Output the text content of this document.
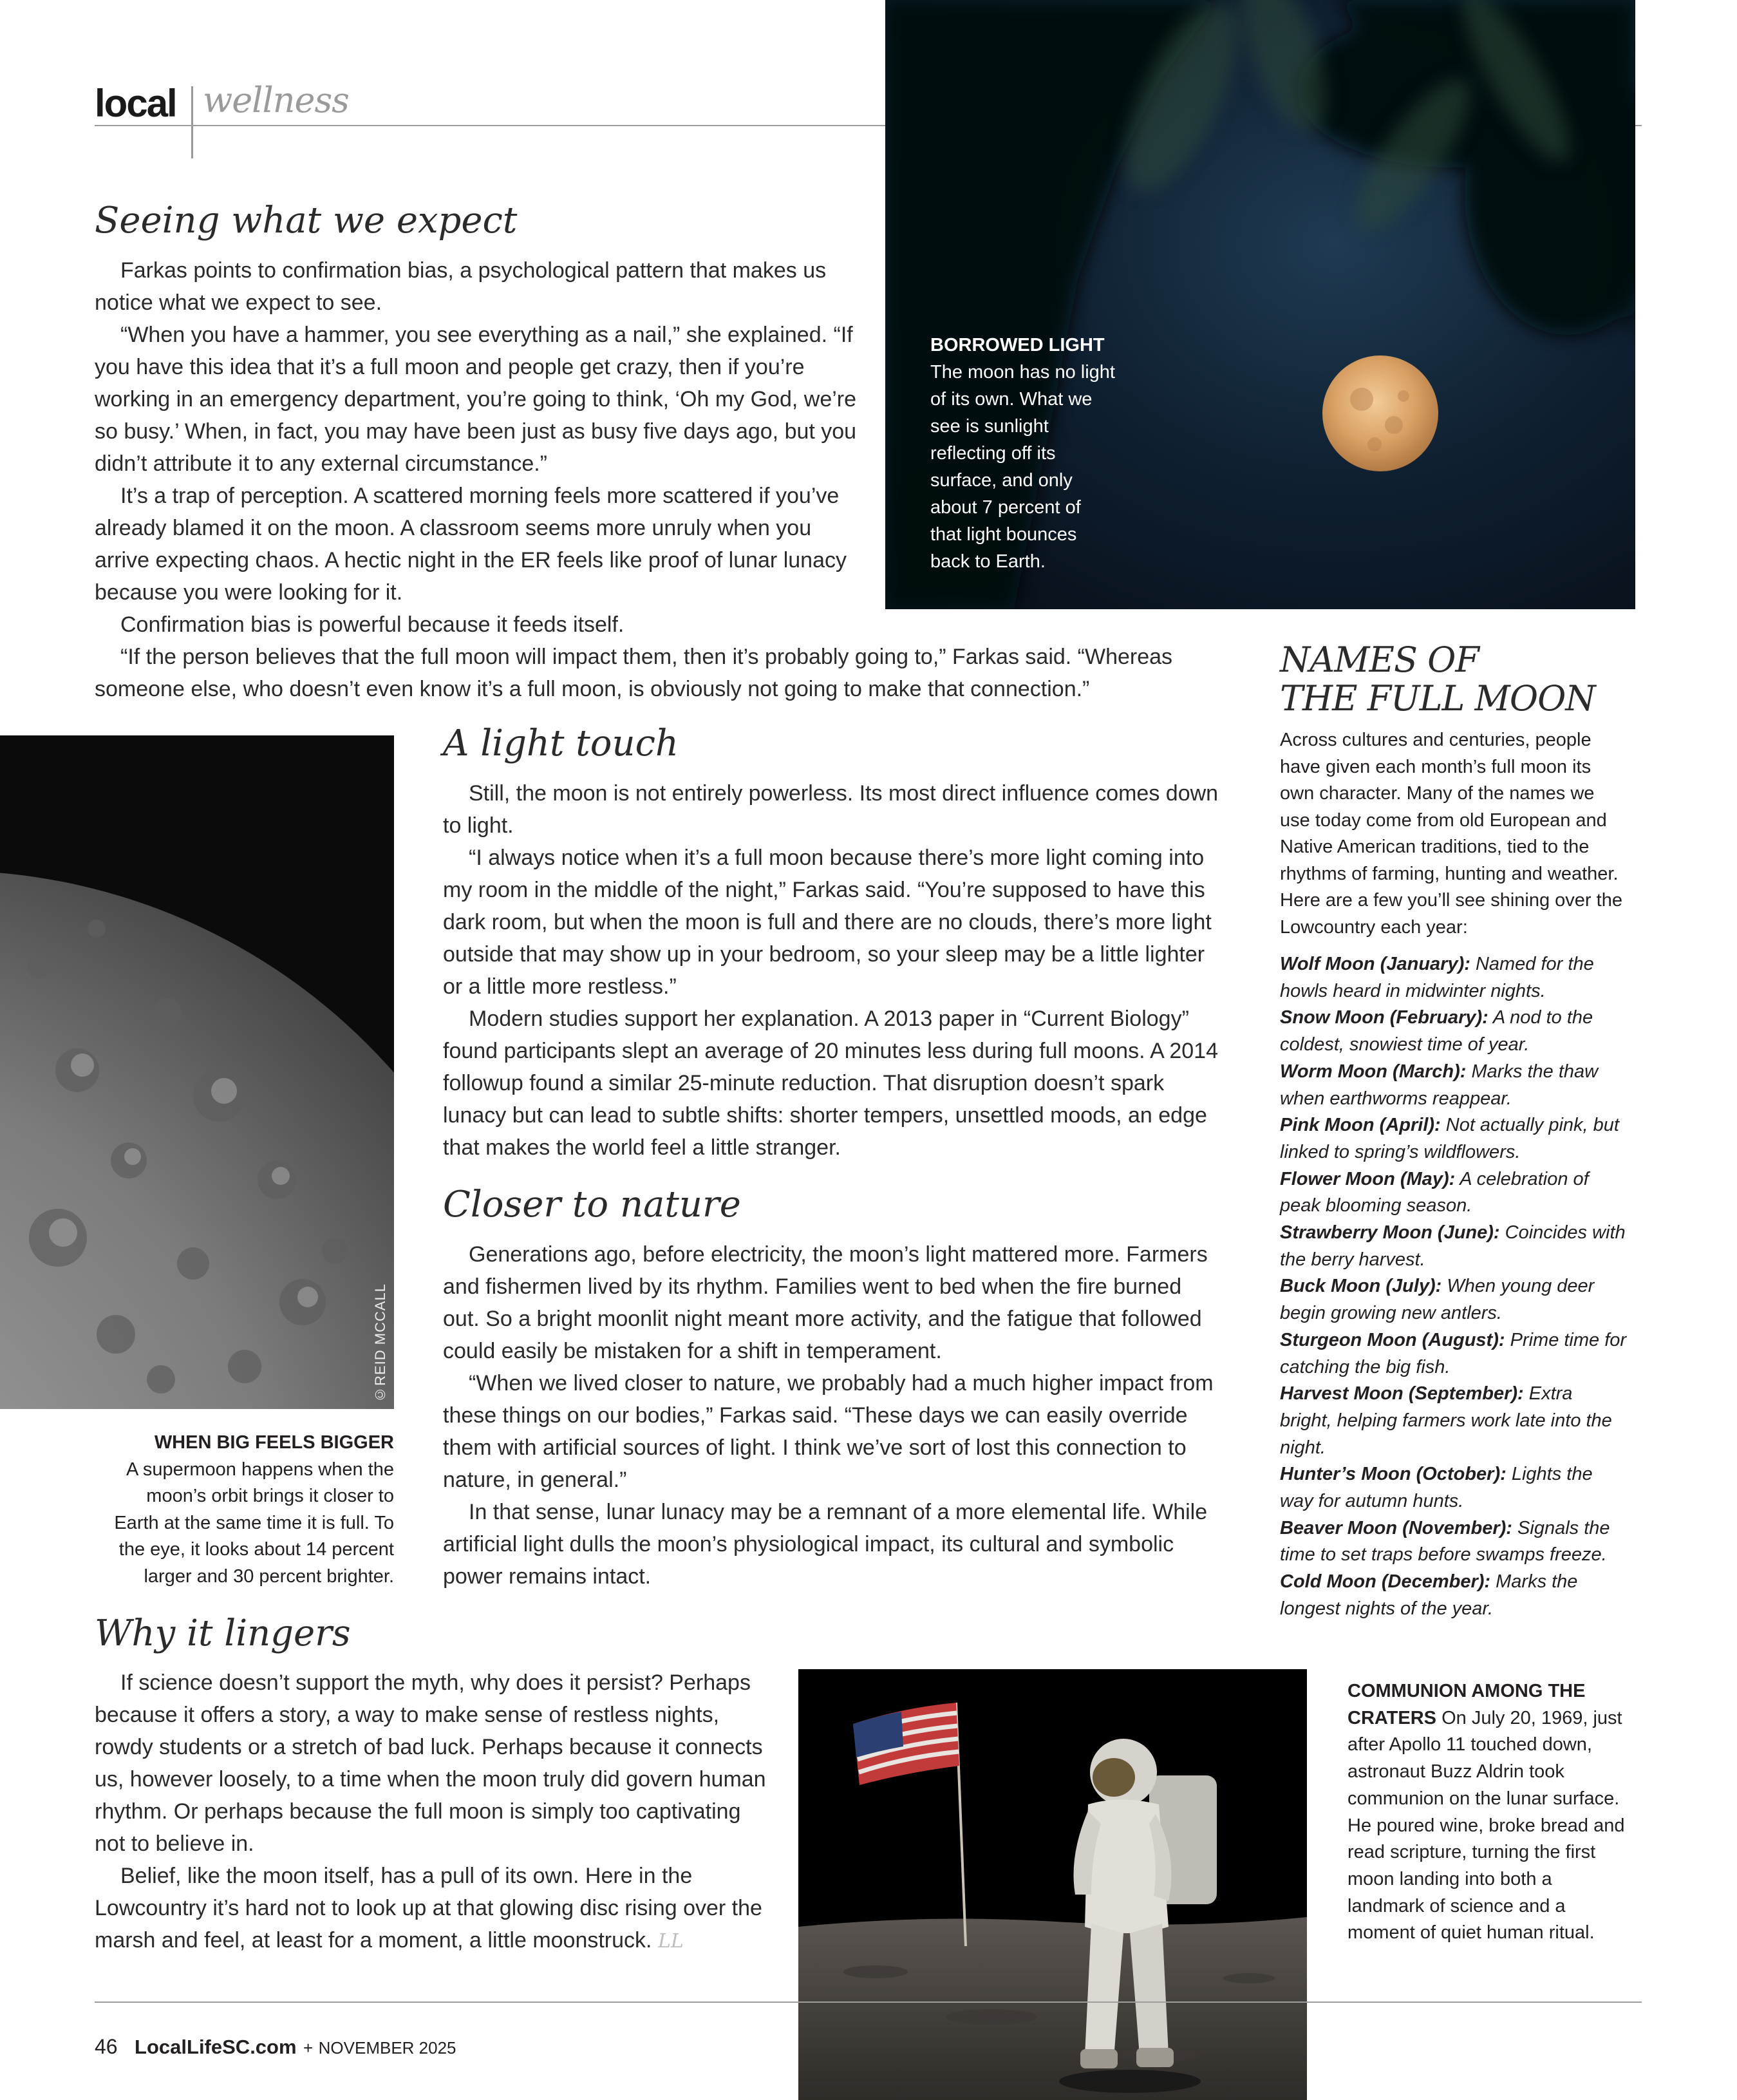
local wellness
BORROWED LIGHT
The moon has no light of its own. What we see is sunlight reflecting off its surface, and only about 7 percent of that light bounces back to Earth.
Seeing what we expect

Farkas points to confirmation bias, a psychological pattern that makes us notice what we expect to see.

“When you have a hammer, you see everything as a nail,” she explained. “If you have this idea that it’s a full moon and people get crazy, then if you’re working in an emergency department, you’re going to think, ‘Oh my God, we’re so busy.’ When, in fact, you may have been just as busy five days ago, but you didn’t attribute it to any external circumstance.”

It’s a trap of perception. A scattered morning feels more scattered if you’ve already blamed it on the moon. A classroom seems more unruly when you arrive expecting chaos. A hectic night in the ER feels like proof of lunar lunacy because you were looking for it.

Confirmation bias is powerful because it feeds itself.

“If the person believes that the full moon will impact them, then it’s probably going to,” Farkas said. “Whereas someone else, who doesn’t even know it’s a full moon, is obviously not going to make that connection.”

NAMES OF
THE FULL MOON
Across cultures and centuries, people have given each month’s full moon its own character. Many of the names we use today come from old European and Native American traditions, tied to the rhythms of farming, hunting and weather. Here are a few you’ll see shining over the Lowcountry each year:
Wolf Moon (January): Named for the howls heard in midwinter nights.
Snow Moon (February): A nod to the coldest, snowiest time of year.
Worm Moon (March): Marks the thaw when earthworms reappear.
Pink Moon (April): Not actually pink, but linked to spring’s wildflowers.
Flower Moon (May): A celebration of peak blooming season.
Strawberry Moon (June): Coincides with the berry harvest.
Buck Moon (July): When young deer begin growing new antlers.
Sturgeon Moon (August): Prime time for catching the big fish.
Harvest Moon (September): Extra bright, helping farmers work late into the night.
Hunter’s Moon (October): Lights the way for autumn hunts.
Beaver Moon (November): Signals the time to set traps before swamps freeze.
Cold Moon (December): Marks the longest nights of the year.
©REID MCCALL
WHEN BIG FEELS BIGGER
A supermoon happens when the moon’s orbit brings it closer to Earth at the same time it is full. To the eye, it looks about 14 percent larger and 30 percent brighter.
A light touch

Still, the moon is not entirely powerless. Its most direct influence comes down to light.

“I always notice when it’s a full moon because there’s more light coming into my room in the middle of the night,” Farkas said. “You’re supposed to have this dark room, but when the moon is full and there are no clouds, there’s more light outside that may show up in your bedroom, so your sleep may be a little lighter or a little more restless.”

Modern studies support her explanation. A 2013 paper in “Current Biology” found participants slept an average of 20 minutes less during full moons. A 2014 followup found a similar 25-minute reduction. That disruption doesn’t spark lunacy but can lead to subtle shifts: shorter tempers, unsettled moods, an edge that makes the world feel a little stranger.

Closer to nature

Generations ago, before electricity, the moon’s light mattered more. Farmers and fishermen lived by its rhythm. Families went to bed when the fire burned out. So a bright moonlit night meant more activity, and the fatigue that followed could easily be mistaken for a shift in temperament.

“When we lived closer to nature, we probably had a much higher impact from these things on our bodies,” Farkas said. “These days we can easily override them with artificial sources of light. I think we’ve sort of lost this connection to nature, in general.”

In that sense, lunar lunacy may be a remnant of a more elemental life. While artificial light dulls the moon’s physiological impact, its cultural and symbolic power remains intact.

Why it lingers

If science doesn’t support the myth, why does it persist? Perhaps because it offers a story, a way to make sense of restless nights, rowdy students or a stretch of bad luck. Perhaps because it connects us, however loosely, to a time when the moon truly did govern human rhythm. Or perhaps because the full moon is simply too captivating not to believe in.

Belief, like the moon itself, has a pull of its own. Here in the Lowcountry it’s hard not to look up at that glowing disc rising over the marsh and feel, at least for a moment, a little moonstruck. LL

COMMUNION AMONG THE CRATERS On July 20, 1969, just after Apollo 11 touched down, astronaut Buzz Aldrin took communion on the lunar surface. He poured wine, broke bread and read scripture, turning the first moon landing into both a landmark of science and a moment of quiet human ritual.
46 LocalLifeSC.com + NOVEMBER 2025
